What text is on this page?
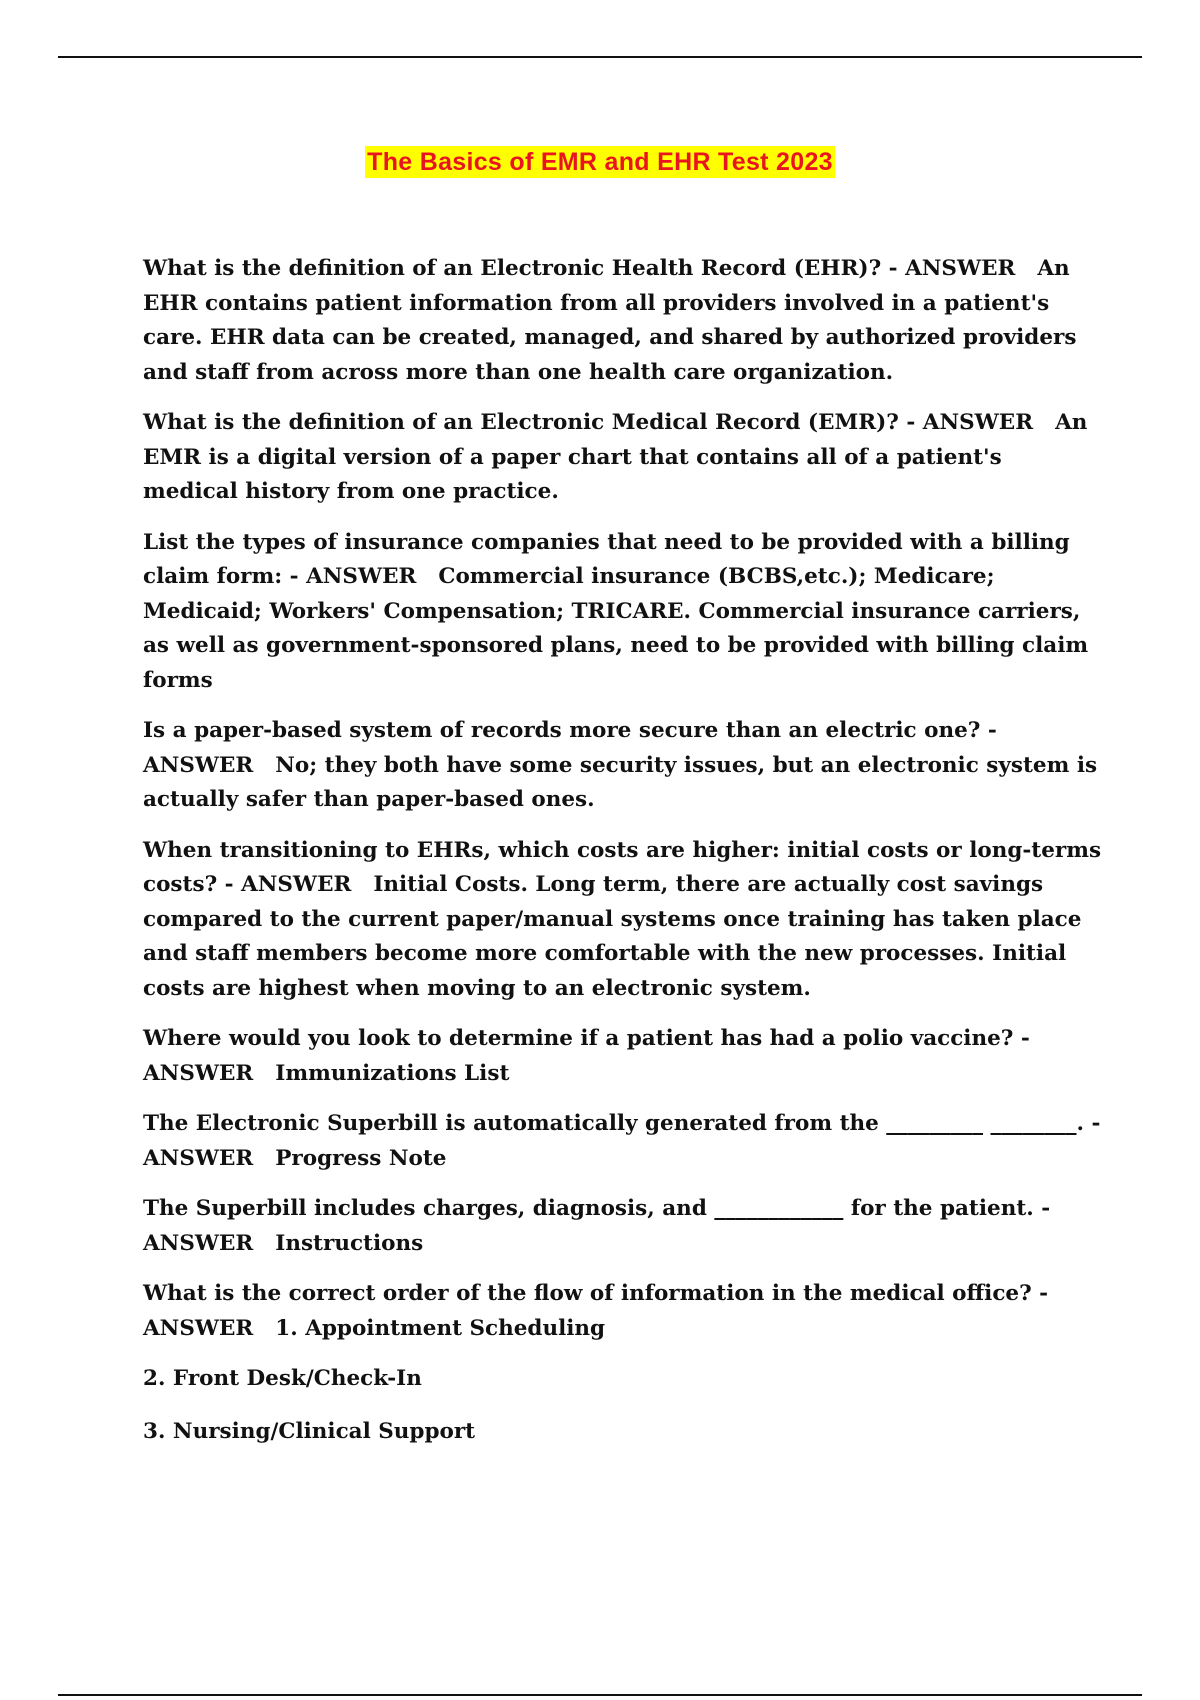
The Basics of EMR and EHR Test 2023

What is the definition of an Electronic Health Record (EHR)? - ANSWER An EHR contains patient information from all providers involved in a patient's care. EHR data can be created, managed, and shared by authorized providers and staff from across more than one health care organization.

What is the definition of an Electronic Medical Record (EMR)? - ANSWER An EMR is a digital version of a paper chart that contains all of a patient's medical history from one practice.

List the types of insurance companies that need to be provided with a billing claim form: - ANSWER Commercial insurance (BCBS,etc.); Medicare; Medicaid; Workers' Compensation; TRICARE. Commercial insurance carriers, as well as government-sponsored plans, need to be provided with billing claim forms

Is a paper-based system of records more secure than an electric one? - ANSWER No; they both have some security issues, but an electronic system is actually safer than paper-based ones.

When transitioning to EHRs, which costs are higher: initial costs or long-terms costs? - ANSWER Initial Costs. Long term, there are actually cost savings compared to the current paper/manual systems once training has taken place and staff members become more comfortable with the new processes. Initial costs are highest when moving to an electronic system.

Where would you look to determine if a patient has had a polio vaccine? - ANSWER Immunizations List

The Electronic Superbill is automatically generated from the _________ ________. - ANSWER Progress Note

The Superbill includes charges, diagnosis, and ____________ for the patient. - ANSWER Instructions

What is the correct order of the flow of information in the medical office? - ANSWER 1. Appointment Scheduling

2. Front Desk/Check-In

3. Nursing/Clinical Support
